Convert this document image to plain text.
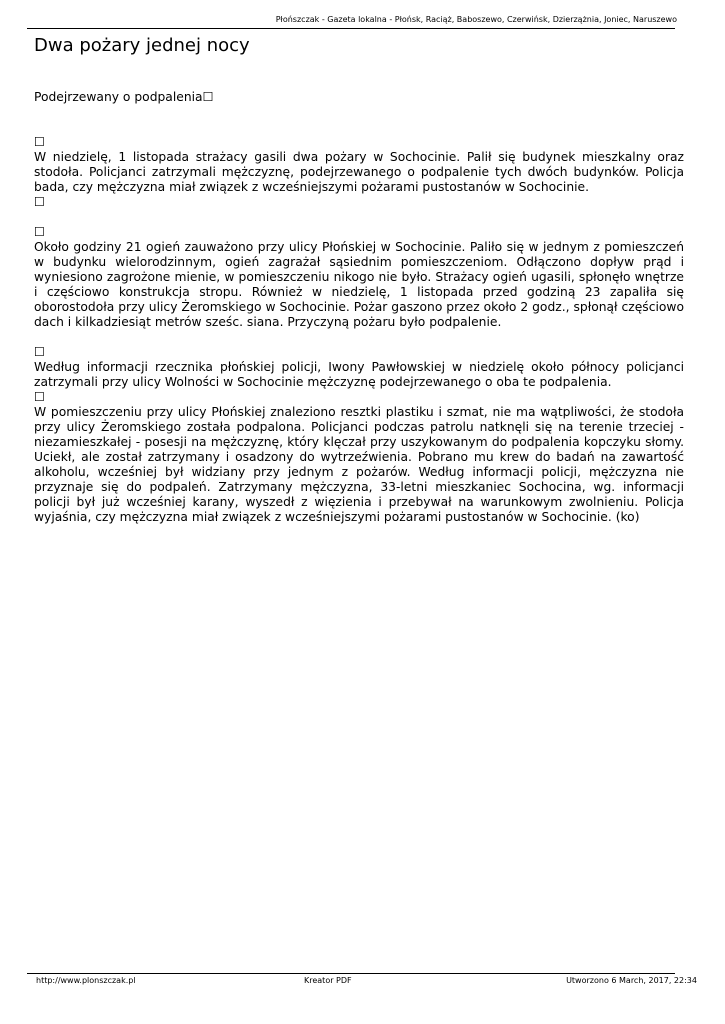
Płońszczak - Gazeta lokalna - Płońsk, Raciąż, Baboszewo, Czerwińsk, Dzierzążnia, Joniec, Naruszewo
Dwa pożary jednej nocy

Podejrzewany o podpalenia☐

☐

W niedzielę, 1 listopada strażacy gasili dwa pożary w Sochocinie. Palił się budynek mieszkalny oraz stodoła. Policjanci zatrzymali mężczyznę, podejrzewanego o podpalenie tych dwóch budynków. Policja bada, czy mężczyzna miał związek z wcześniejszymi pożarami pustostanów w Sochocinie.

☐
☐

Około godziny 21 ogień zauważono przy ulicy Płońskiej w Sochocinie. Paliło się w jednym z pomieszczeń w budynku wielorodzinnym, ogień zagrażał sąsiednim pomieszczeniom. Odłączono dopływ prąd i wyniesiono zagrożone mienie, w pomieszczeniu nikogo nie było. Strażacy ogień ugasili, spłonęło wnętrze i częściowo konstrukcja stropu. Również w niedzielę, 1 listopada przed godziną 23 zapaliła się oborostodoła przy ulicy Żeromskiego w Sochocinie. Pożar gaszono przez około 2 godz., spłonął częściowo dach i kilkadziesiąt metrów sześc. siana. Przyczyną pożaru było podpalenie.

☐

Według informacji rzecznika płońskiej policji, Iwony Pawłowskiej w niedzielę około północy policjanci zatrzymali przy ulicy Wolności w Sochocinie mężczyznę podejrzewanego o oba te podpalenia.

☐

W pomieszczeniu przy ulicy Płońskiej znaleziono resztki plastiku i szmat, nie ma wątpliwości, że stodoła przy ulicy Żeromskiego została podpalona. Policjanci podczas patrolu natknęli się na terenie trzeciej - niezamieszkałej - posesji na mężczyznę, który klęczał przy uszykowanym do podpalenia kopczyku słomy. Uciekł, ale został zatrzymany i osadzony do wytrzeźwienia. Pobrano mu krew do badań na zawartość alkoholu, wcześniej był widziany przy jednym z pożarów. Według informacji policji, mężczyzna nie przyznaje się do podpaleń. Zatrzymany mężczyzna, 33-letni mieszkaniec Sochocina, wg. informacji policji był już wcześniej karany, wyszedł z więzienia i przebywał na warunkowym zwolnieniu. Policja wyjaśnia, czy mężczyzna miał związek z wcześniejszymi pożarami pustostanów w Sochocinie. (ko)

http://www.plonszczak.pl	Kreator PDF	Utworzono 6 March, 2017, 22:34
